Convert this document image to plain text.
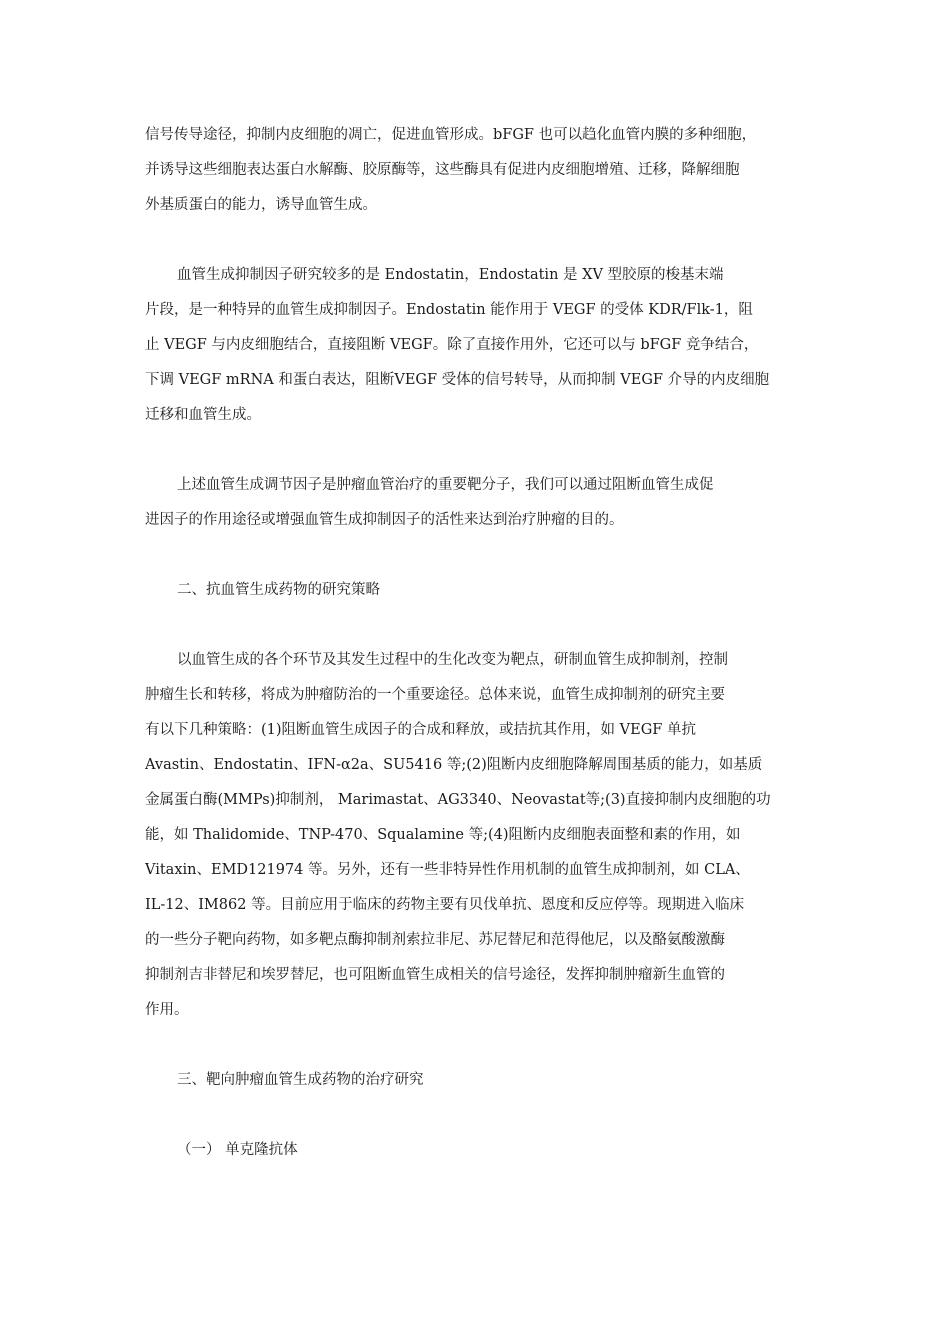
信号传导途径，抑制内皮细胞的凋亡，促进血管形成。bFGF 也可以趋化血管内膜的多种细胞，
并诱导这些细胞表达蛋白水解酶、胶原酶等，这些酶具有促进内皮细胞增殖、迁移，降解细胞
外基质蛋白的能力，诱导血管生成。
血管生成抑制因子研究较多的是 Endostatin，Endostatin 是 XV 型胶原的梭基末端
片段，是一种特异的血管生成抑制因子。Endostatin 能作用于 VEGF 的受体 KDR/Flk-1，阻
止 VEGF 与内皮细胞结合，直接阻断 VEGF。除了直接作用外，它还可以与 bFGF 竞争结合，
下调 VEGF mRNA 和蛋白表达，阻断VEGF 受体的信号转导，从而抑制 VEGF 介导的内皮细胞
迁移和血管生成。
上述血管生成调节因子是肿瘤血管治疗的重要靶分子，我们可以通过阻断血管生成促
进因子的作用途径或增强血管生成抑制因子的活性来达到治疗肿瘤的目的。
二、抗血管生成药物的研究策略
以血管生成的各个环节及其发生过程中的生化改变为靶点，研制血管生成抑制剂，控制
肿瘤生长和转移，将成为肿瘤防治的一个重要途径。总体来说，血管生成抑制剂的研究主要
有以下几种策略：(1)阻断血管生成因子的合成和释放，或拮抗其作用，如 VEGF 单抗
Avastin、Endostatin、IFN-α2a、SU5416 等;(2)阻断内皮细胞降解周围基质的能力，如基质
金属蛋白酶(MMPs)抑制剂， Marimastat、AG3340、Neovastat等;(3)直接抑制内皮细胞的功
能，如 Thalidomide、TNP-470、Squalamine 等;(4)阻断内皮细胞表面整和素的作用，如
Vitaxin、EMD121974 等。另外，还有一些非特异性作用机制的血管生成抑制剂，如 CLA、
IL-12、IM862 等。目前应用于临床的药物主要有贝伐单抗、恩度和反应停等。现期进入临床
的一些分子靶向药物，如多靶点酶抑制剂索拉非尼、苏尼替尼和范得他尼，以及酪氨酸激酶
抑制剂吉非替尼和埃罗替尼，也可阻断血管生成相关的信号途径，发挥抑制肿瘤新生血管的
作用。
三、靶向肿瘤血管生成药物的治疗研究
（一） 单克隆抗体
